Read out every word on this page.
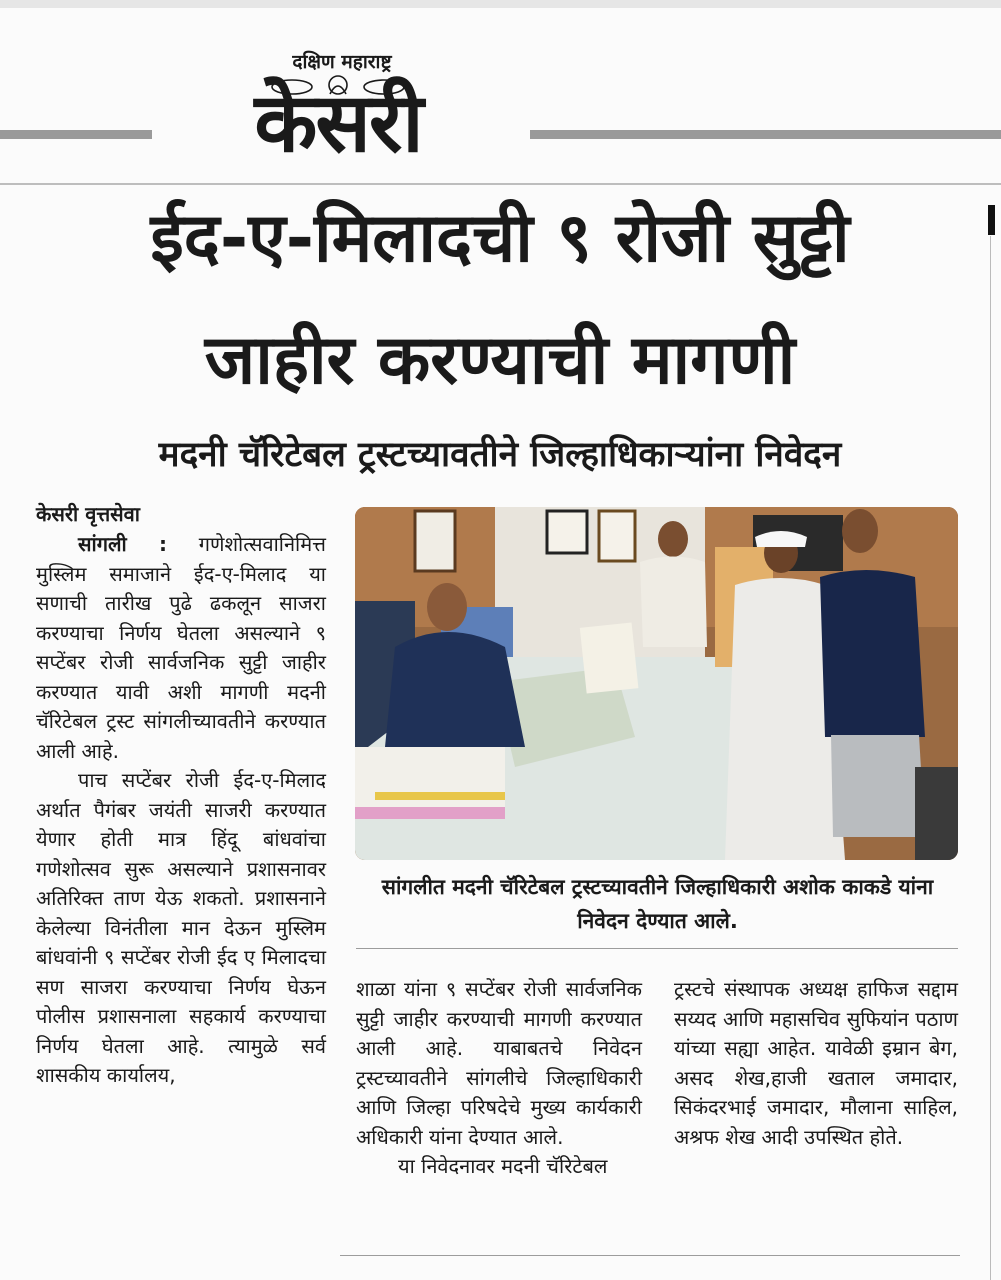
दक्षिण महाराष्ट्र
केसरी
ईद-ए-मिलादची ९ रोजी सुट्टी
जाहीर करण्याची मागणी
मदनी चॅरिटेबल ट्रस्टच्यावतीने जिल्हाधिकाऱ्यांना निवेदन
केसरी वृत्तसेवा

सांगली : गणेशोत्सवानिमित्त मुस्लिम समाजाने ईद-ए-मिलाद या सणाची तारीख पुढे ढकलून साजरा करण्याचा निर्णय घेतला असल्याने ९ सप्टेंबर रोजी सार्वजनिक सुट्टी जाहीर करण्यात यावी अशी मागणी मदनी चॅरिटेबल ट्रस्ट सांगलीच्यावतीने करण्यात आली आहे.

पाच सप्टेंबर रोजी ईद-ए-मिलाद अर्थात पैगंबर जयंती साजरी करण्यात येणार होती मात्र हिंदू बांधवांचा गणेशोत्सव सुरू असल्याने प्रशासनावर अतिरिक्त ताण येऊ शकतो. प्रशासनाने केलेल्या विनंतीला मान देऊन मुस्लिम बांधवांनी ९ सप्टेंबर रोजी ईद ए मिलादचा सण साजरा करण्याचा निर्णय घेऊन पोलीस प्रशासनाला सहकार्य करण्याचा निर्णय घेतला आहे. त्यामुळे सर्व शासकीय कार्यालय,

सांगलीत मदनी चॅरिटेबल ट्रस्टच्यावतीने जिल्हाधिकारी अशोक काकडे यांना निवेदन देण्यात आले.

शाळा यांना ९ सप्टेंबर रोजी सार्वजनिक सुट्टी जाहीर करण्याची मागणी करण्यात आली आहे. याबाबतचे निवेदन ट्रस्टच्यावतीने सांगलीचे जिल्हाधिकारी आणि जिल्हा परिषदेचे मुख्य कार्यकारी अधिकारी यांना देण्यात आले.

या निवेदनावर मदनी चॅरिटेबल

ट्रस्टचे संस्थापक अध्यक्ष हाफिज सद्दाम सय्यद आणि महासचिव सुफियांन पठाण यांच्या सह्या आहेत. यावेळी इम्रान बेग, असद शेख,हाजी खताल जमादार, सिकंदरभाई जमादार, मौलाना साहिल, अश्रफ शेख आदी उपस्थित होते.
